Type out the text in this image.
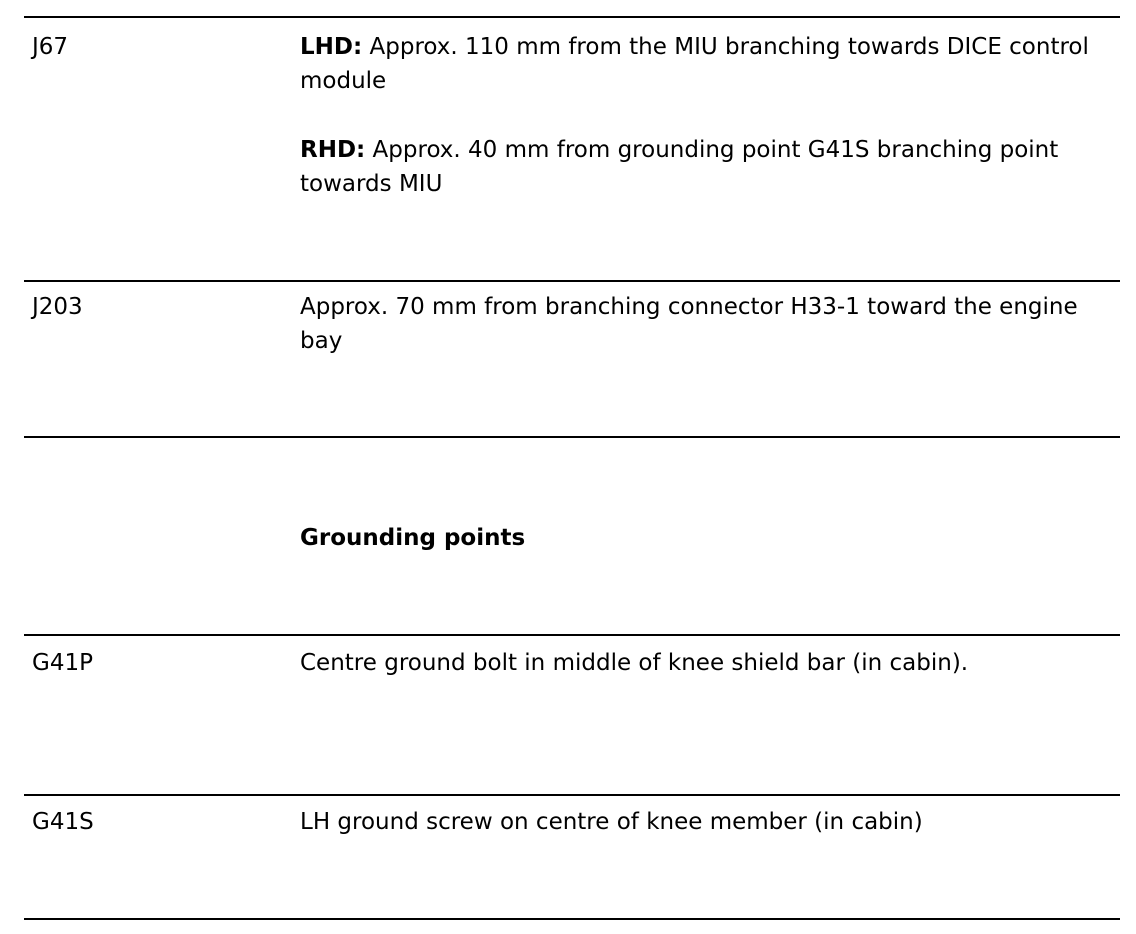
J67	LHD: Approx. 110 mm from the MIU branching towards DICE control module

RHD: Approx. 40 mm from grounding point G41S branching point towards MIU

J203	Approx. 70 mm from branching connector H33-1 toward the engine bay
Grounding points
G41P	Centre ground bolt in middle of knee shield bar (in cabin).
G41S	LH ground screw on centre of knee member (in cabin)
